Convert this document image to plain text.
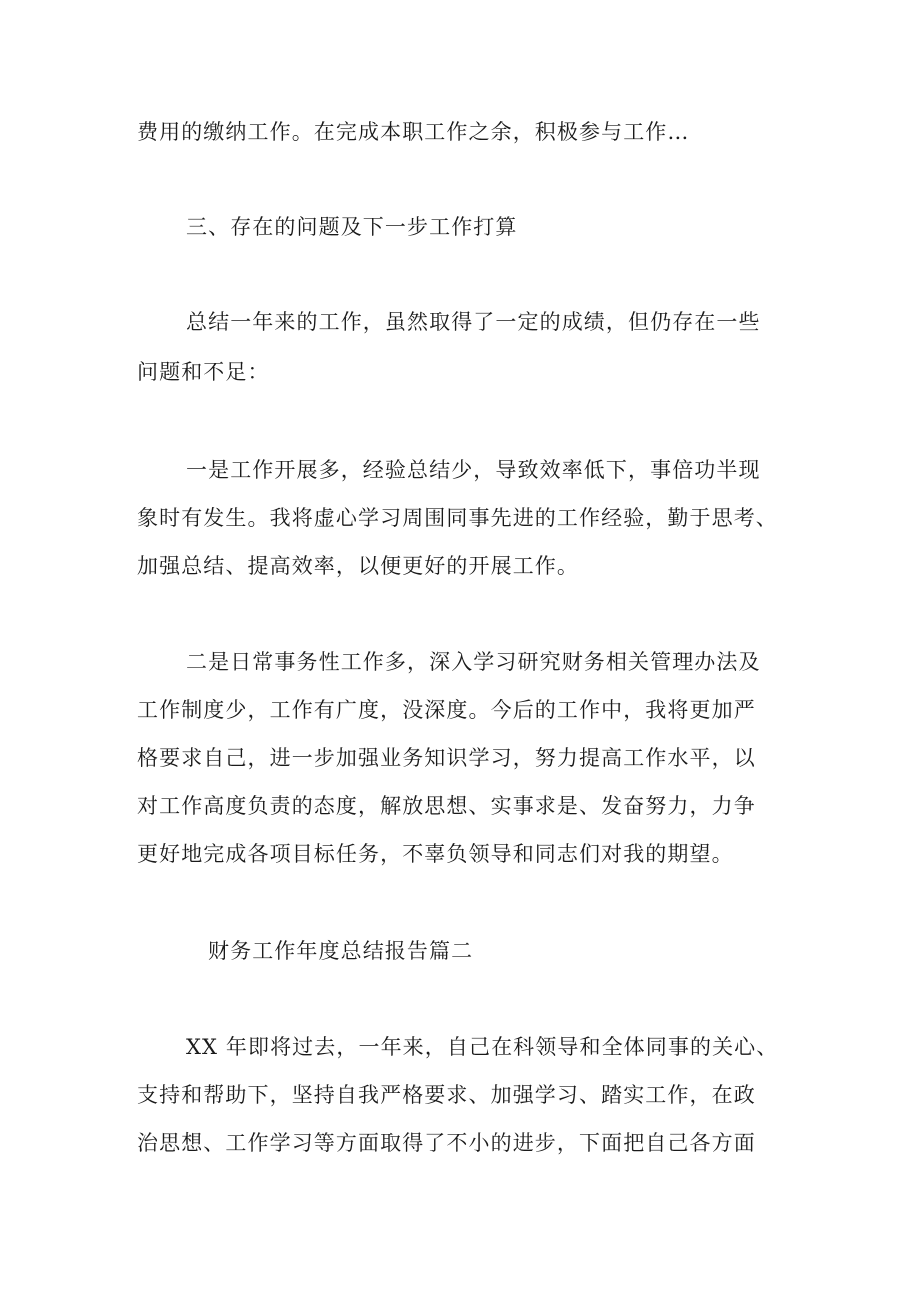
费用的缴纳工作。在完成本职工作之余，积极参与工作…
三、存在的问题及下一步工作打算
总结一年来的工作，虽然取得了一定的成绩，但仍存在一些
问题和不足：
一是工作开展多，经验总结少，导致效率低下，事倍功半现
象时有发生。我将虚心学习周围同事先进的工作经验，勤于思考、
加强总结、提高效率，以便更好的开展工作。
二是日常事务性工作多，深入学习研究财务相关管理办法及
工作制度少，工作有广度，没深度。今后的工作中，我将更加严
格要求自己，进一步加强业务知识学习，努力提高工作水平，以
对工作高度负责的态度，解放思想、实事求是、发奋努力，力争
更好地完成各项目标任务，不辜负领导和同志们对我的期望。
财务工作年度总结报告篇二
XX 年即将过去，一年来，自己在科领导和全体同事的关心、
支持和帮助下，坚持自我严格要求、加强学习、踏实工作，在政
治思想、工作学习等方面取得了不小的进步，下面把自己各方面
